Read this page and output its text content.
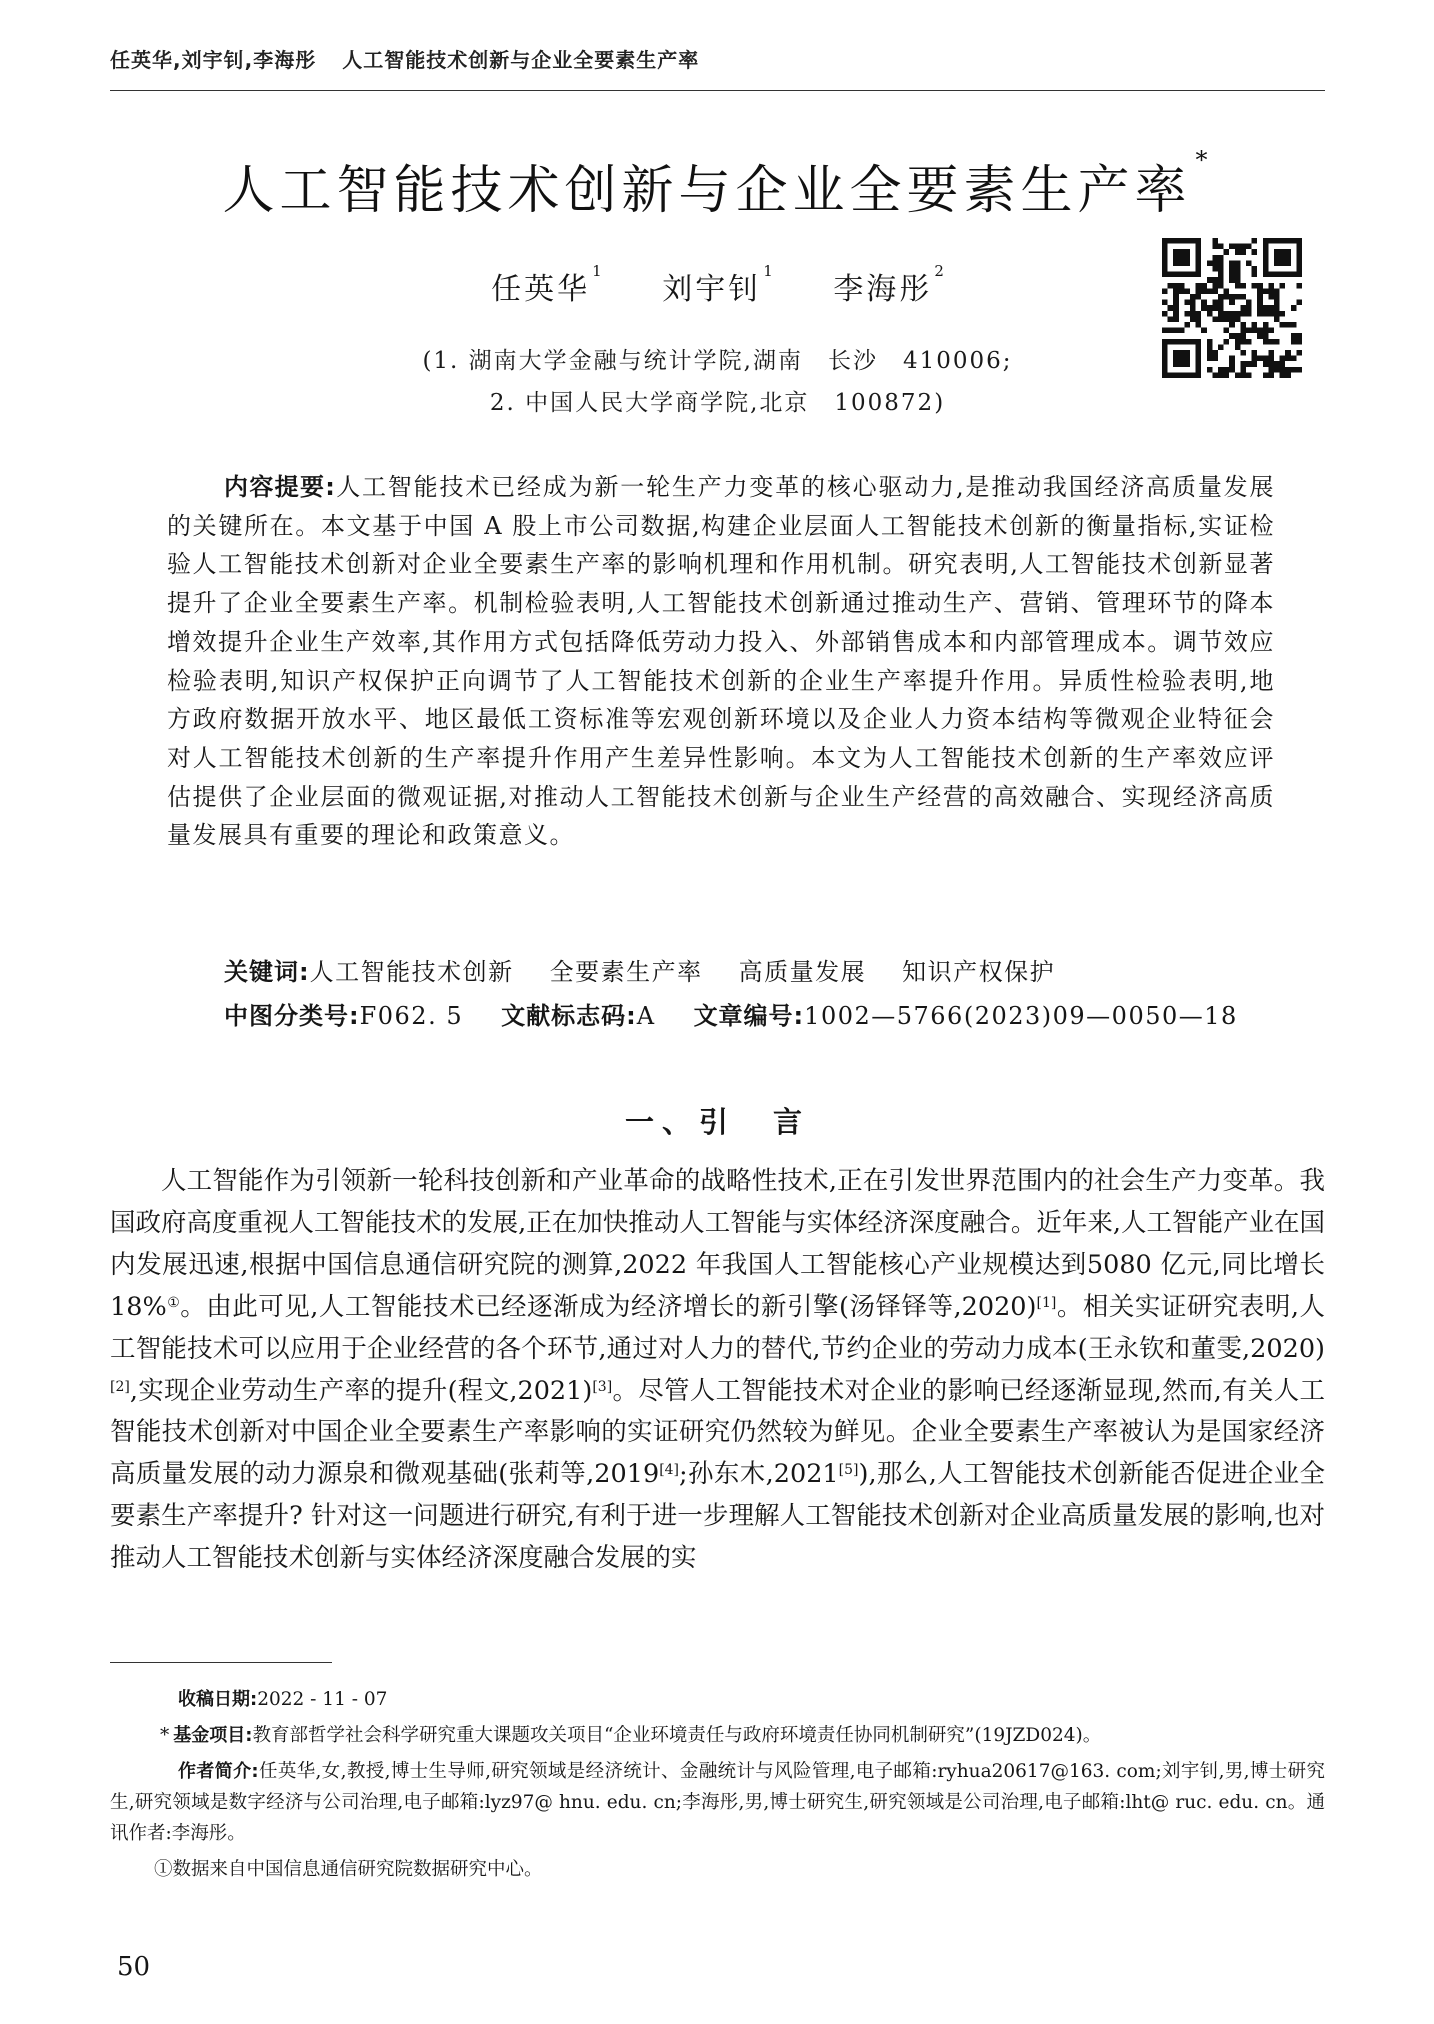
任英华,刘宇钊,李海彤 人工智能技术创新与企业全要素生产率
人工智能技术创新与企业全要素生产率*
任英华$^1$ 刘宇钊$^1$ 李海彤$^2$
(1. 湖南大学金融与统计学院,湖南　长沙　410006;
2. 中国人民大学商学院,北京　100872)

内容提要:人工智能技术已经成为新一轮生产力变革的核心驱动力,是推动我国经济高质量发展的关键所在。本文基于中国 A 股上市公司数据,构建企业层面人工智能技术创新的衡量指标,实证检验人工智能技术创新对企业全要素生产率的影响机理和作用机制。研究表明,人工智能技术创新显著提升了企业全要素生产率。机制检验表明,人工智能技术创新通过推动生产、营销、管理环节的降本增效提升企业生产效率,其作用方式包括降低劳动力投入、外部销售成本和内部管理成本。调节效应检验表明,知识产权保护正向调节了人工智能技术创新的企业生产率提升作用。异质性检验表明,地方政府数据开放水平、地区最低工资标准等宏观创新环境以及企业人力资本结构等微观企业特征会对人工智能技术创新的生产率提升作用产生差异性影响。本文为人工智能技术创新的生产率效应评估提供了企业层面的微观证据,对推动人工智能技术创新与企业生产经营的高效融合、实现经济高质量发展具有重要的理论和政策意义。

关键词:人工智能技术创新 全要素生产率 高质量发展 知识产权保护

中图分类号:F062. 5 文献标志码:A 文章编号:1002—5766(2023)09—0050—18

一、引　言

人工智能作为引领新一轮科技创新和产业革命的战略性技术,正在引发世界范围内的社会生产力变革。我国政府高度重视人工智能技术的发展,正在加快推动人工智能与实体经济深度融合。近年来,人工智能产业在国内发展迅速,根据中国信息通信研究院的测算,2022 年我国人工智能核心产业规模达到5080 亿元,同比增长 18%①。由此可见,人工智能技术已经逐渐成为经济增长的新引擎(汤铎铎等,2020)[1]。相关实证研究表明,人工智能技术可以应用于企业经营的各个环节,通过对人力的替代,节约企业的劳动力成本(王永钦和董雯,2020)[2],实现企业劳动生产率的提升(程文,2021)[3]。尽管人工智能技术对企业的影响已经逐渐显现,然而,有关人工智能技术创新对中国企业全要素生产率影响的实证研究仍然较为鲜见。企业全要素生产率被认为是国家经济高质量发展的动力源泉和微观基础(张莉等,2019[4];孙东木,2021[5]),那么,人工智能技术创新能否促进企业全要素生产率提升? 针对这一问题进行研究,有利于进一步理解人工智能技术创新对企业高质量发展的影响,也对推动人工智能技术创新与实体经济深度融合发展的实

收稿日期:2022 - 11 - 07

* 基金项目:教育部哲学社会科学研究重大课题攻关项目“企业环境责任与政府环境责任协同机制研究”(19JZD024)。

作者简介:任英华,女,教授,博士生导师,研究领域是经济统计、金融统计与风险管理,电子邮箱:ryhua20617@163. com;刘宇钊,男,博士研究生,研究领域是数字经济与公司治理,电子邮箱:lyz97@ hnu. edu. cn;李海彤,男,博士研究生,研究领域是公司治理,电子邮箱:lht@ ruc. edu. cn。通讯作者:李海彤。

①数据来自中国信息通信研究院数据研究中心。

50
